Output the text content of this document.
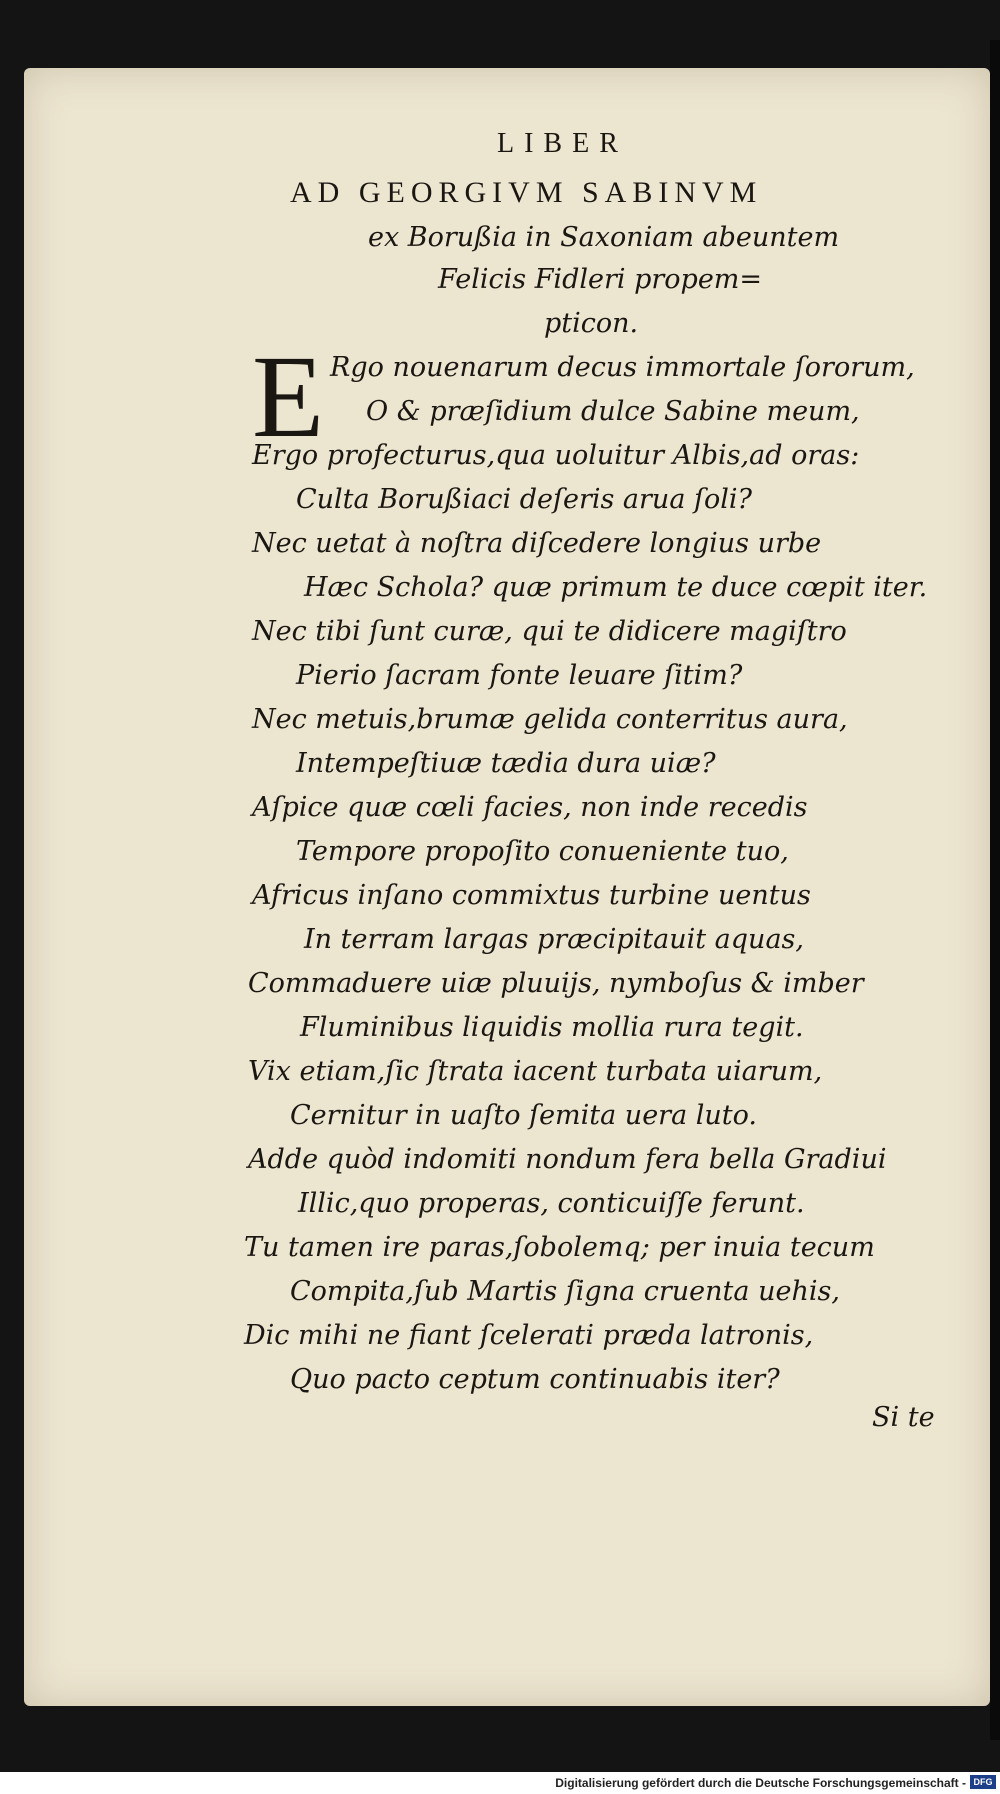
LIBER
AD GEORGIVM SABINVM
ex Borußia in Saxoniam abeuntem
Felicis Fidleri propem=
pticon.
E Rgo nouenarum decus immortale ſororum,
O & præſidium dulce Sabine meum,
Ergo profecturus,qua uoluitur Albis,ad oras:
Culta Borußiaci deſeris arua ſoli?
Nec uetat à noſtra diſcedere longius urbe
Hæc Schola? quæ primum te duce cœpit iter.
Nec tibi ſunt curæ, qui te didicere magiſtro
Pierio ſacram fonte leuare ſitim?
Nec metuis,brumæ gelida conterritus aura,
Intempeſtiuæ tædia dura uiæ?
Aſpice quæ cœli facies, non inde recedis
Tempore propoſito conueniente tuo,
Africus inſano commixtus turbine uentus
In terram largas præcipitauit aquas,
Commaduere uiæ pluuijs, nymboſus & imber
Fluminibus liquidis mollia rura tegit.
Vix etiam,ſic ſtrata iacent turbata uiarum,
Cernitur in uaſto ſemita uera luto.
Adde quòd indomiti nondum fera bella Gradiui
Illic,quo properas, conticuiſſe ferunt.
Tu tamen ire paras,ſobolemq; per inuia tecum
Compita,ſub Martis ſigna cruenta uehis,
Dic mihi ne fiant ſcelerati præda latronis,
Quo pacto ceptum continuabis iter?
Si te
Digitalisierung gefördert durch die Deutsche Forschungsgemeinschaft - DFG
